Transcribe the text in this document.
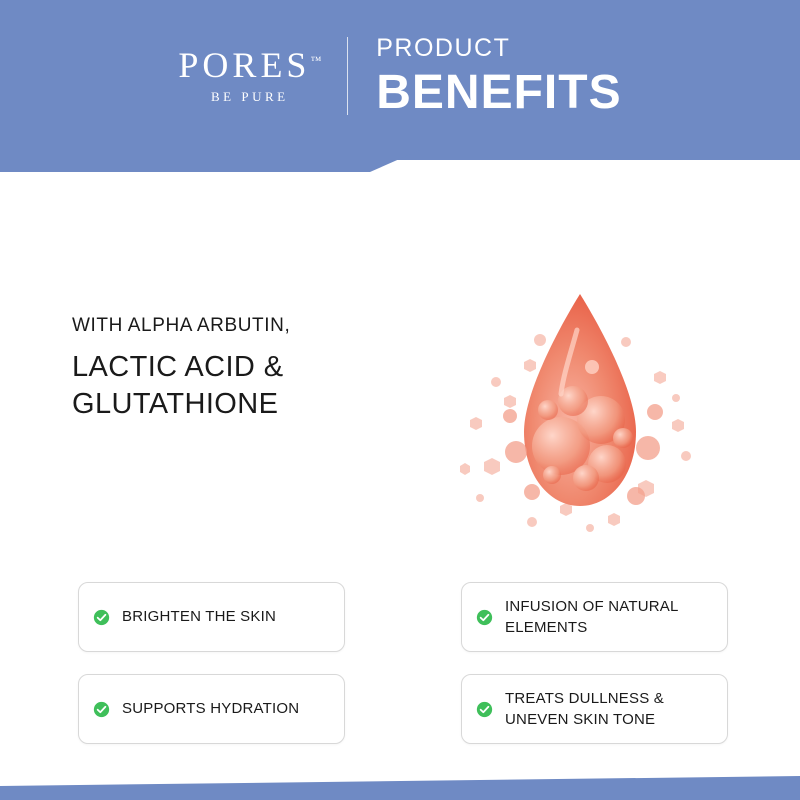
PORES™
BE PURE
PRODUCT
BENEFITS
WITH ALPHA ARBUTIN,
LACTIC ACID & GLUTATHIONE
BRIGHTEN THE SKIN
INFUSION OF NATURAL ELEMENTS
SUPPORTS HYDRATION
TREATS DULLNESS & UNEVEN SKIN TONE
